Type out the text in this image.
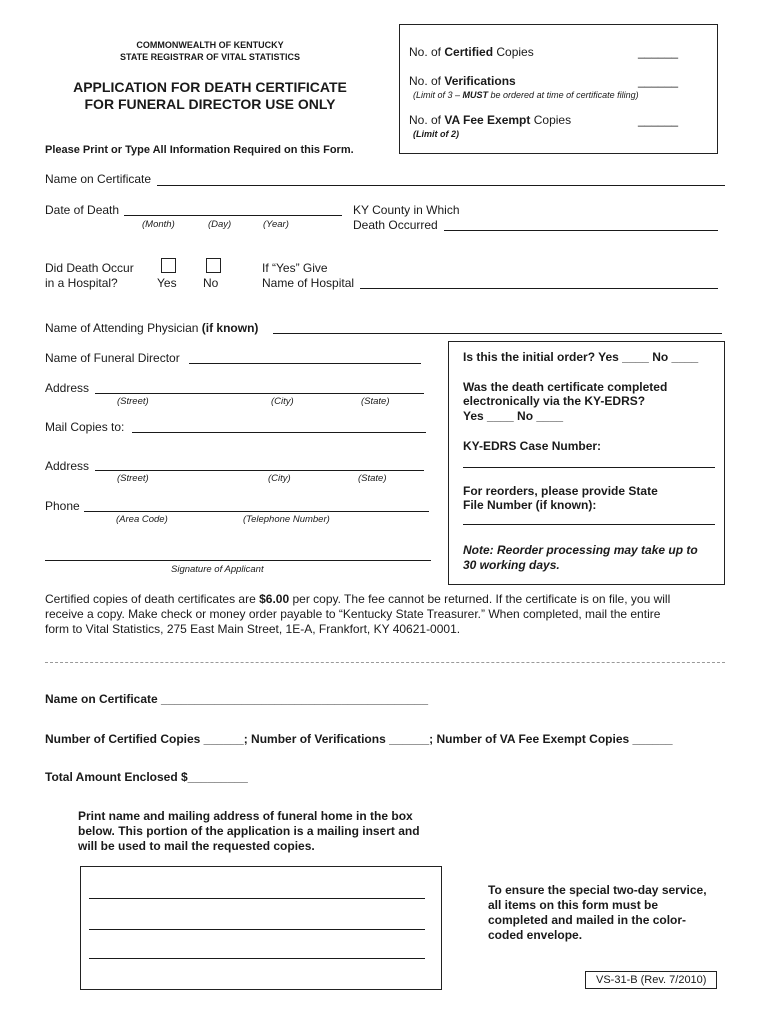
COMMONWEALTH OF KENTUCKY
STATE REGISTRAR OF VITAL STATISTICS
APPLICATION FOR DEATH CERTIFICATE
FOR FUNERAL DIRECTOR USE ONLY
No. of Certified Copies	______
No. of Verifications	______
(Limit of 3 – MUST be ordered at time of certificate filing)
No. of VA Fee Exempt Copies	______
(Limit of 2)
Please Print or Type All Information Required on this Form.
Name on Certificate
Date of Death
(Month)	(Day)	(Year)
KY County in Which
Death Occurred
Did Death Occur
in a Hospital?	Yes No
If “Yes” Give
Name of Hospital
Name of Attending Physician (if known)
Is this the initial order? Yes ____ No ____
Was the death certificate completed
electronically via the KY-EDRS?
Yes ____ No ____
KY-EDRS Case Number:
For reorders, please provide State
File Number (if known):
Note: Reorder processing may take up to
30 working days.
Name of Funeral Director
Address
(Street)	(City)	(State)
Mail Copies to:
Address
(Street)	(City)	(State)
Phone
(Area Code)	(Telephone Number)
Signature of Applicant
Certified copies of death certificates are $6.00 per copy. The fee cannot be returned. If the certificate is on file, you will
receive a copy. Make check or money order payable to “Kentucky State Treasurer.” When completed, mail the entire
form to Vital Statistics, 275 East Main Street, 1E-A, Frankfort, KY 40621-0001.
Name on Certificate ________________________________________
Number of Certified Copies ______; Number of Verifications ______; Number of VA Fee Exempt Copies ______
Total Amount Enclosed $_________
Print name and mailing address of funeral home in the box
below. This portion of the application is a mailing insert and
will be used to mail the requested copies.
To ensure the special two-day service,
all items on this form must be
completed and mailed in the color-
coded envelope.
VS-31-B (Rev. 7/2010)
